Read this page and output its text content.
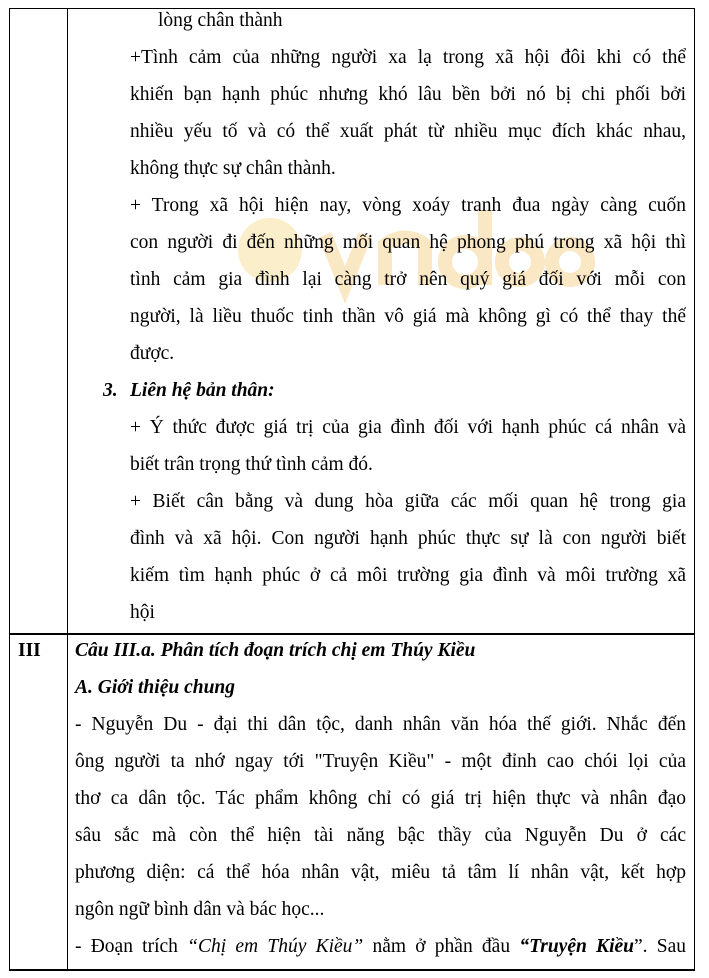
lòng chân thành
+Tình cảm của những người xa lạ trong xã hội đôi khi có thể
khiến bạn hạnh phúc nhưng khó lâu bền bởi nó bị chi phối bởi
nhiều yếu tố và có thể xuất phát từ nhiều mục đích khác nhau,
không thực sự chân thành.
+ Trong xã hội hiện nay, vòng xoáy tranh đua ngày càng cuốn
con người đi đến những mối quan hệ phong phú trong xã hội thì
tình cảm gia đình lại càng trở nên quý giá đối với mỗi con
người, là liều thuốc tinh thần vô giá mà không gì có thể thay thế
được.
3. Liên hệ bản thân:
+ Ý thức được giá trị của gia đình đối với hạnh phúc cá nhân và
biết trân trọng thứ tình cảm đó.
+ Biết cân bằng và dung hòa giữa các mối quan hệ trong gia
đình và xã hội. Con người hạnh phúc thực sự là con người biết
kiếm tìm hạnh phúc ở cả môi trường gia đình và môi trường xã
hội
III Câu III.a. Phân tích đoạn trích chị em Thúy Kiều
A. Giới thiệu chung
- Nguyễn Du - đại thi dân tộc, danh nhân văn hóa thế giới. Nhắc đến
ông người ta nhớ ngay tới "Truyện Kiều" - một đỉnh cao chói lọi của
thơ ca dân tộc. Tác phẩm không chỉ có giá trị hiện thực và nhân đạo
sâu sắc mà còn thể hiện tài năng bậc thầy của Nguyễn Du ở các
phương diện: cá thể hóa nhân vật, miêu tả tâm lí nhân vật, kết hợp
ngôn ngữ bình dân và bác học...
- Đoạn trích “Chị em Thúy Kiều” nằm ở phần đầu “Truyện Kiều”. Sau
